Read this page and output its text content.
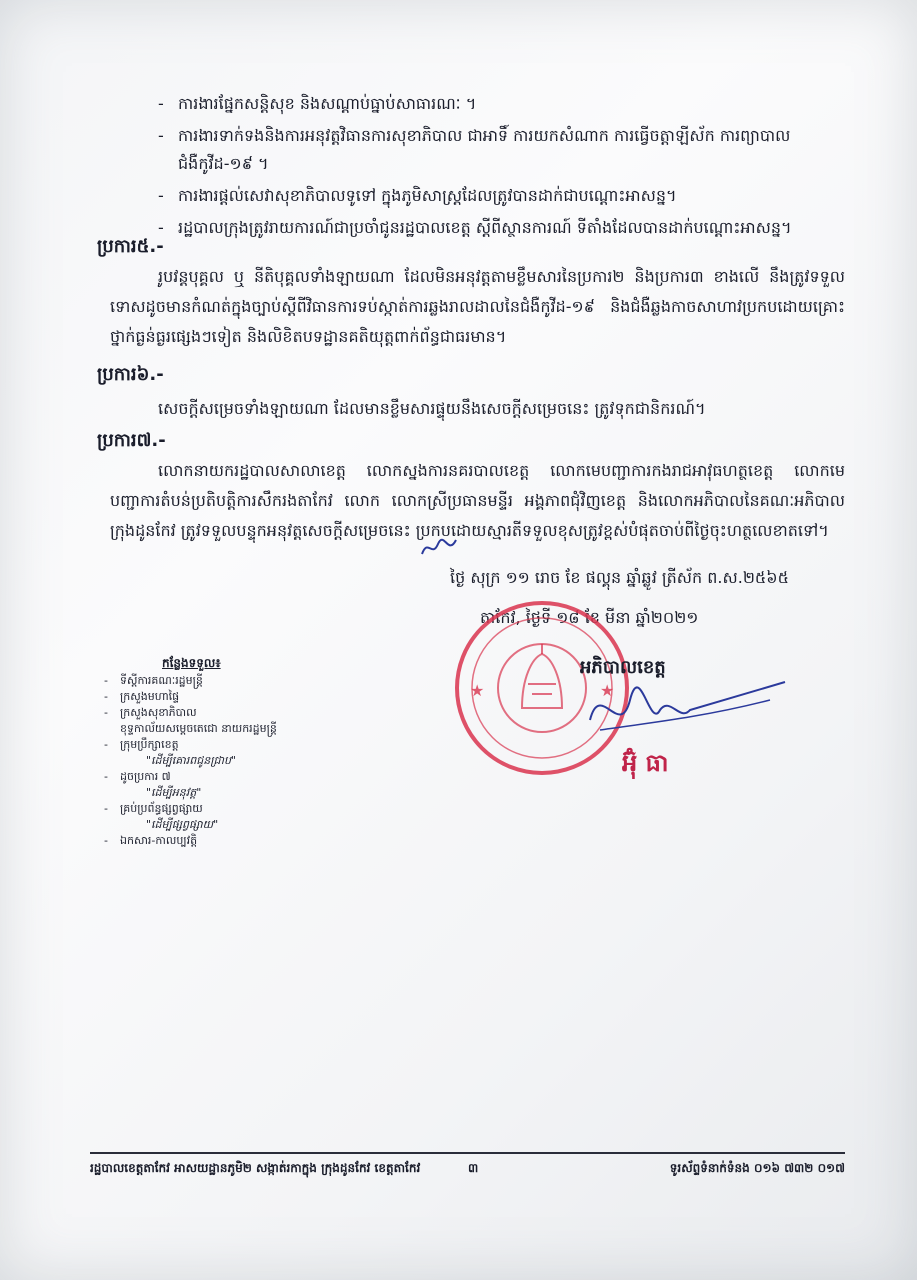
- ការងារផ្នែកសន្តិសុខ និងសណ្តាប់ធ្នាប់សាធារណៈ ។
- ការងារទាក់ទងនិងការអនុវត្តវិធានការសុខាភិបាល ជាអាទិ៍ ការយកសំណាក ការធ្វើចត្តាឡីស័ក ការព្យាបាលជំងឺកូវីដ-១៩ ។
- ការងារផ្តល់សេវាសុខាភិបាលទូទៅ ក្នុងភូមិសាស្ត្រដែលត្រូវបានដាក់ជាបណ្តោះអាសន្ន។
- រដ្ឋបាលក្រុងត្រូវរាយការណ៍ជាប្រចាំជូនរដ្ឋបាលខេត្ត ស្តីពីស្ថានការណ៍ ទីតាំងដែលបានដាក់បណ្តោះអាសន្ន។
ប្រការ៥.-
រូបវន្តបុគ្គល ឬ នីតិបុគ្គលទាំងឡាយណា ដែលមិនអនុវត្តតាមខ្លឹមសារនៃប្រការ២ និងប្រការ៣ ខាងលើ នឹងត្រូវទទួលទោសដូចមានកំណត់ក្នុងច្បាប់ស្តីពីវិធានការទប់ស្កាត់ការឆ្លងរាលដាលនៃជំងឺកូវីដ-១៩ និងជំងឺឆ្លងកាចសាហាវប្រកបដោយគ្រោះថ្នាក់ធ្ងន់ធ្ងរផ្សេងៗទៀត និងលិខិតបទដ្ឋានគតិយុត្តពាក់ព័ន្ធជាធរមាន។
ប្រការ៦.-
សេចក្តីសម្រេចទាំងឡាយណា ដែលមានខ្លឹមសារផ្ទុយនឹងសេចក្តីសម្រេចនេះ ត្រូវទុកជានិករណ៍។
ប្រការ៧.-
លោកនាយករដ្ឋបាលសាលាខេត្ត លោកស្នងការនគរបាលខេត្ត លោកមេបញ្ជាការកងរាជអាវុធហត្ថខេត្ត លោកមេបញ្ជាការតំបន់ប្រតិបត្តិការសឹករងតាកែវ លោក លោកស្រីប្រធានមន្ទីរ អង្គភាពជុំវិញខេត្ត និងលោកអភិបាលនៃគណៈអភិបាលក្រុងដូនកែវ ត្រូវទទួលបន្ទុកអនុវត្តសេចក្តីសម្រេចនេះ ប្រកបដោយស្មារតីទទួលខុសត្រូវខ្ពស់បំផុតចាប់ពីថ្ងៃចុះហត្ថលេខាតទៅ។
ថ្ងៃ សុក្រ ១១ រោច ខែ ផល្គុន ឆ្នាំឆ្លូវ ត្រីស័ក ព.ស.២៥៦៥
តាកែវ, ថ្ងៃទី ១៨ ខែ មីនា ឆ្នាំ២០២១
★	★
អភិបាលខេត្ត
អ៊ុំ ធា
កន្លែងទទួល៖
- ទីស្តីការគណៈរដ្ឋមន្ត្រី
- ក្រសួងមហាផ្ទៃ
- ក្រសួងសុខាភិបាល
ខុទ្ទកាល័យសម្តេចតេជោ នាយករដ្ឋមន្ត្រី
- ក្រុមប្រឹក្សាខេត្ត
"ដើម្បីគោរពជូនជ្រាប"
- ដូចប្រការ ៧
"ដើម្បីអនុវត្ត"
- គ្រប់ប្រព័ន្ធផ្សព្វផ្សាយ
"ដើម្បីផ្សព្វផ្សាយ"
- ឯកសារ-កាលប្បវត្តិ
រដ្ឋបាលខេត្តតាកែវ អាសយដ្ឋានភូមិ២ សង្កាត់រកាក្នុង ក្រុងដូនកែវ ខេត្តតាកែវ	៣	ទូរស័ព្ទទំនាក់ទំនង ០១៦ ៧៣២ ០១៧
